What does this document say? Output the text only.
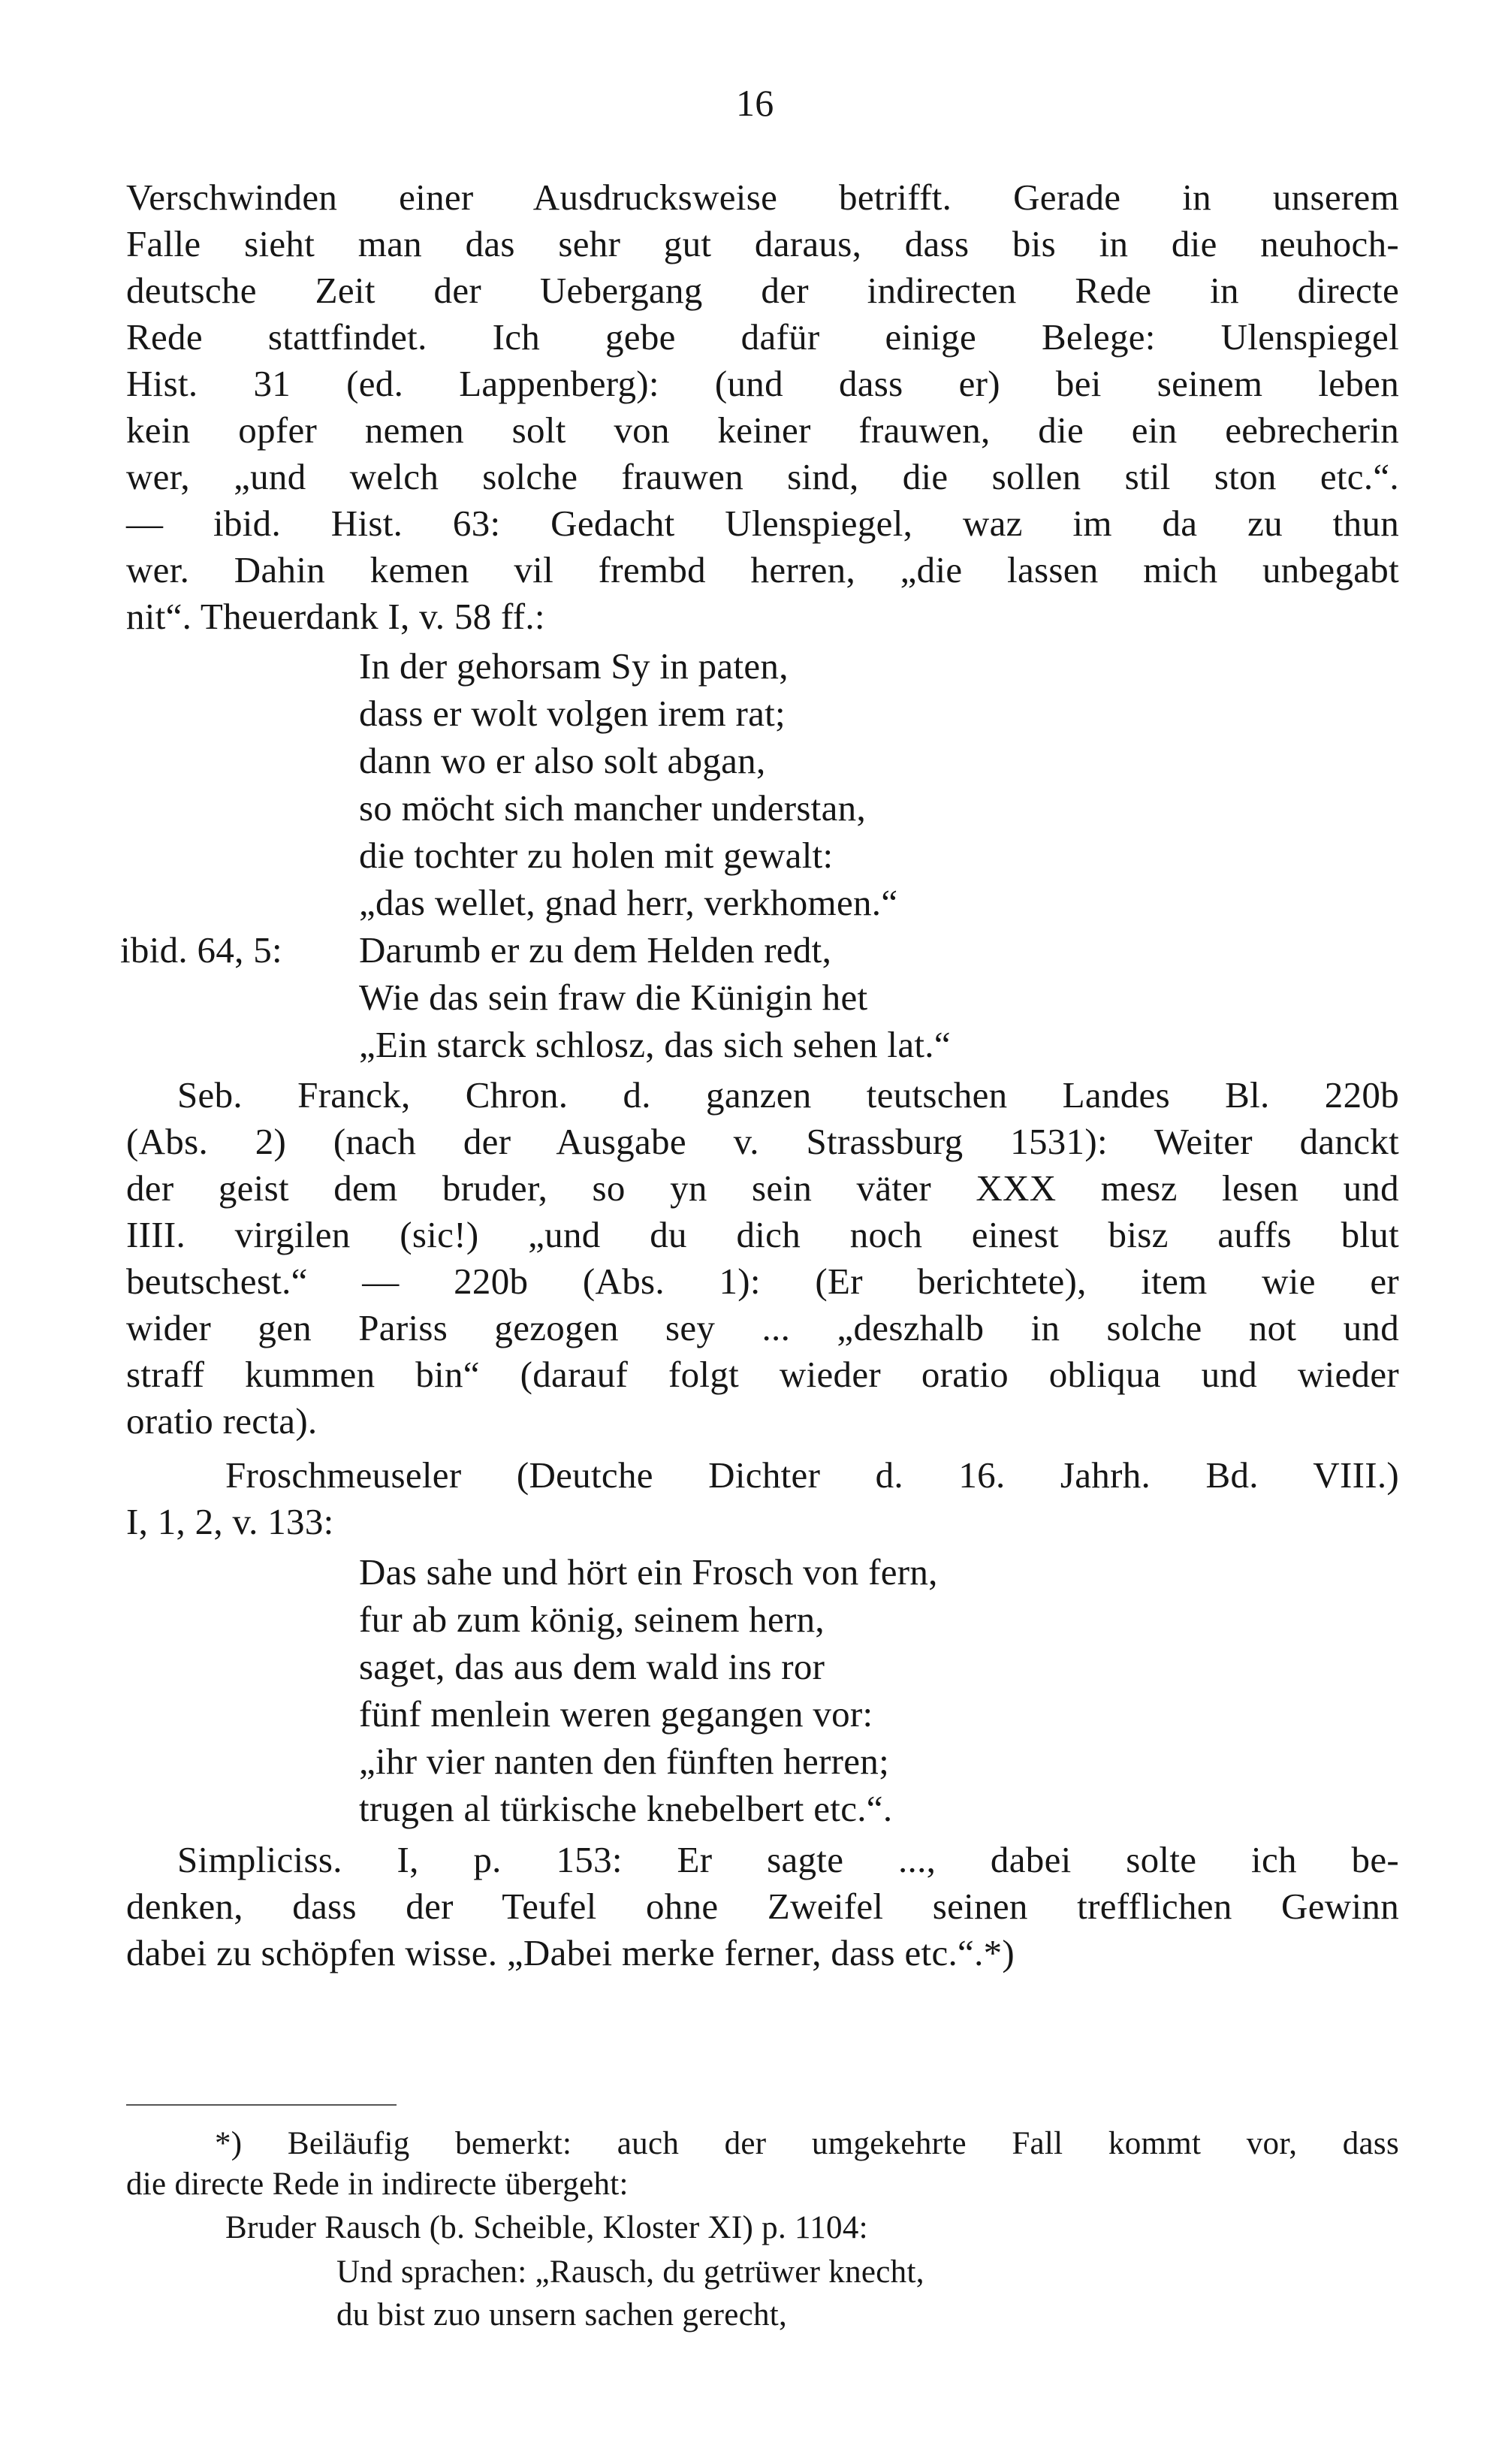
16
Verschwinden einer Ausdrucksweise betrifft. Gerade in unserem
Falle sieht man das sehr gut daraus, dass bis in die neuhoch-
deutsche Zeit der Uebergang der indirecten Rede in directe
Rede stattfindet. Ich gebe dafür einige Belege: Ulenspiegel
Hist. 31 (ed. Lappenberg): (und dass er) bei seinem leben
kein opfer nemen solt von keiner frauwen, die ein eebrecherin
wer, „und welch solche frauwen sind, die sollen stil ston etc.“.
— ibid. Hist. 63: Gedacht Ulenspiegel, waz im da zu thun
wer. Dahin kemen vil frembd herren, „die lassen mich unbegabt
nit“. Theuerdank I, v. 58 ff.:
In der gehorsam Sy in paten,
dass er wolt volgen irem rat;
dann wo er also solt abgan,
so möcht sich mancher understan,
die tochter zu holen mit gewalt:
„das wellet, gnad herr, verkhomen.“
ibid. 64, 5: Darumb er zu dem Helden redt,
Wie das sein fraw die Künigin het
„Ein starck schlosz, das sich sehen lat.“
Seb. Franck, Chron. d. ganzen teutschen Landes Bl. 220b
(Abs. 2) (nach der Ausgabe v. Strassburg 1531): Weiter danckt
der geist dem bruder, so yn sein väter XXX mesz lesen und
IIII. virgilen (sic!) „und du dich noch einest bisz auffs blut
beutschest.“ — 220b (Abs. 1): (Er berichtete), item wie er
wider gen Pariss gezogen sey ... „deszhalb in solche not und
straff kummen bin“ (darauf folgt wieder oratio obliqua und wieder
oratio recta).
Froschmeuseler (Deutche Dichter d. 16. Jahrh. Bd. VIII.)
I, 1, 2, v. 133:
Das sahe und hört ein Frosch von fern,
fur ab zum könig, seinem hern,
saget, das aus dem wald ins ror
fünf menlein weren gegangen vor:
„ihr vier nanten den fünften herren;
trugen al türkische knebelbert etc.“.
Simpliciss. I, p. 153: Er sagte ..., dabei solte ich be-
denken, dass der Teufel ohne Zweifel seinen trefflichen Gewinn
dabei zu schöpfen wisse. „Dabei merke ferner, dass etc.“.*)
*) Beiläufig bemerkt: auch der umgekehrte Fall kommt vor, dass
die directe Rede in indirecte übergeht:
Bruder Rausch (b. Scheible, Kloster XI) p. 1104:
Und sprachen: „Rausch, du getrüwer knecht,
du bist zuo unsern sachen gerecht,
